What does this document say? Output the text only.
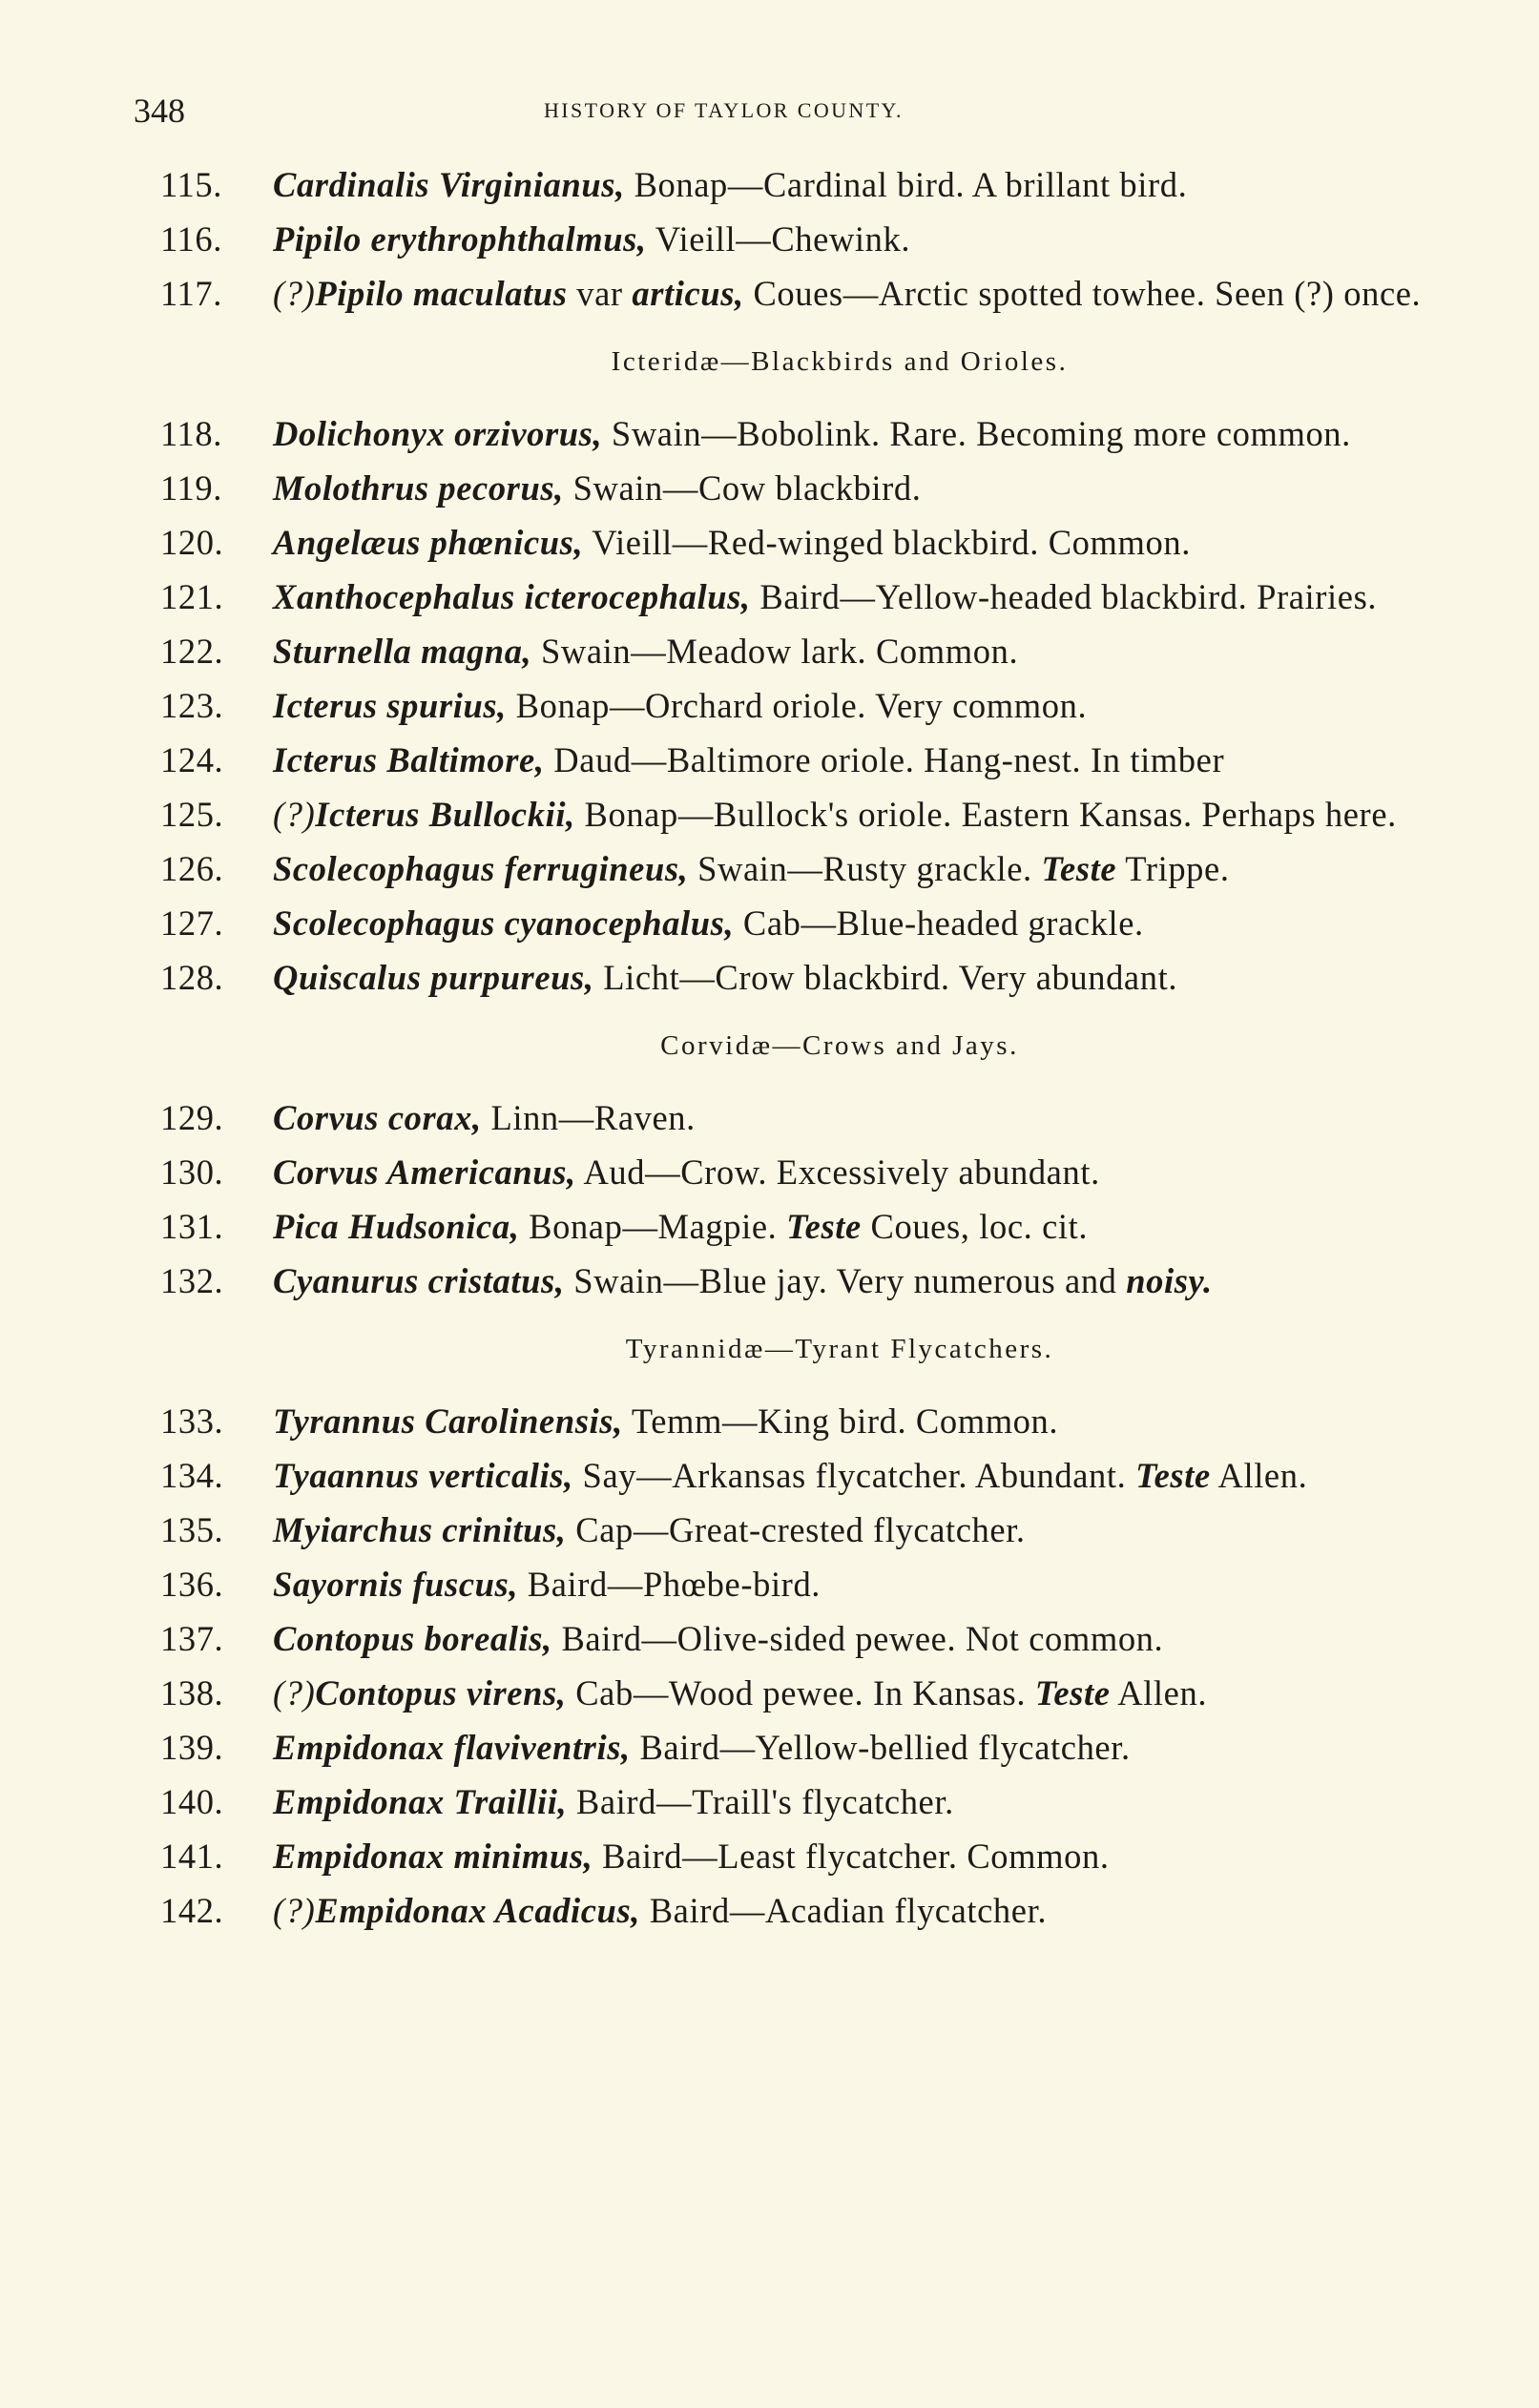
348	HISTORY OF TAYLOR COUNTY.
115. Cardinalis Virginianus, Bonap—Cardinal bird. A brillant bird.
116. Pipilo erythrophthalmus, Vieill—Chewink.
117. (?)Pipilo maculatus var articus, Coues—Arctic spotted towhee. Seen (?) once.
Icteridæ—Blackbirds and Orioles.
118. Dolichonyx orzivorus, Swain—Bobolink. Rare. Becoming more common.
119. Molothrus pecorus, Swain—Cow blackbird.
120. Angelæus phœnicus, Vieill—Red-winged blackbird. Common.
121. Xanthocephalus icterocephalus, Baird—Yellow-headed blackbird. Prairies.
122. Sturnella magna, Swain—Meadow lark. Common.
123. Icterus spurius, Bonap—Orchard oriole. Very common.
124. Icterus Baltimore, Daud—Baltimore oriole. Hang-nest. In timber
125. (?)Icterus Bullockii, Bonap—Bullock's oriole. Eastern Kansas. Perhaps here.
126. Scolecophagus ferrugineus, Swain—Rusty grackle. Teste Trippe.
127. Scolecophagus cyanocephalus, Cab—Blue-headed grackle.
128. Quiscalus purpureus, Licht—Crow blackbird. Very abundant.
Corvidæ—Crows and Jays.
129. Corvus corax, Linn—Raven.
130. Corvus Americanus, Aud—Crow. Excessively abundant.
131. Pica Hudsonica, Bonap—Magpie. Teste Coues, loc. cit.
132. Cyanurus cristatus, Swain—Blue jay. Very numerous and noisy.
Tyrannidæ—Tyrant Flycatchers.
133. Tyrannus Carolinensis, Temm—King bird. Common.
134. Tyaannus verticalis, Say—Arkansas flycatcher. Abundant. Teste Allen.
135. Myiarchus crinitus, Cap—Great-crested flycatcher.
136. Sayornis fuscus, Baird—Phœbe-bird.
137. Contopus borealis, Baird—Olive-sided pewee. Not common.
138. (?)Contopus virens, Cab—Wood pewee. In Kansas. Teste Allen.
139. Empidonax flaviventris, Baird—Yellow-bellied flycatcher.
140. Empidonax Traillii, Baird—Traill's flycatcher.
141. Empidonax minimus, Baird—Least flycatcher. Common.
142. (?)Empidonax Acadicus, Baird—Acadian flycatcher.
